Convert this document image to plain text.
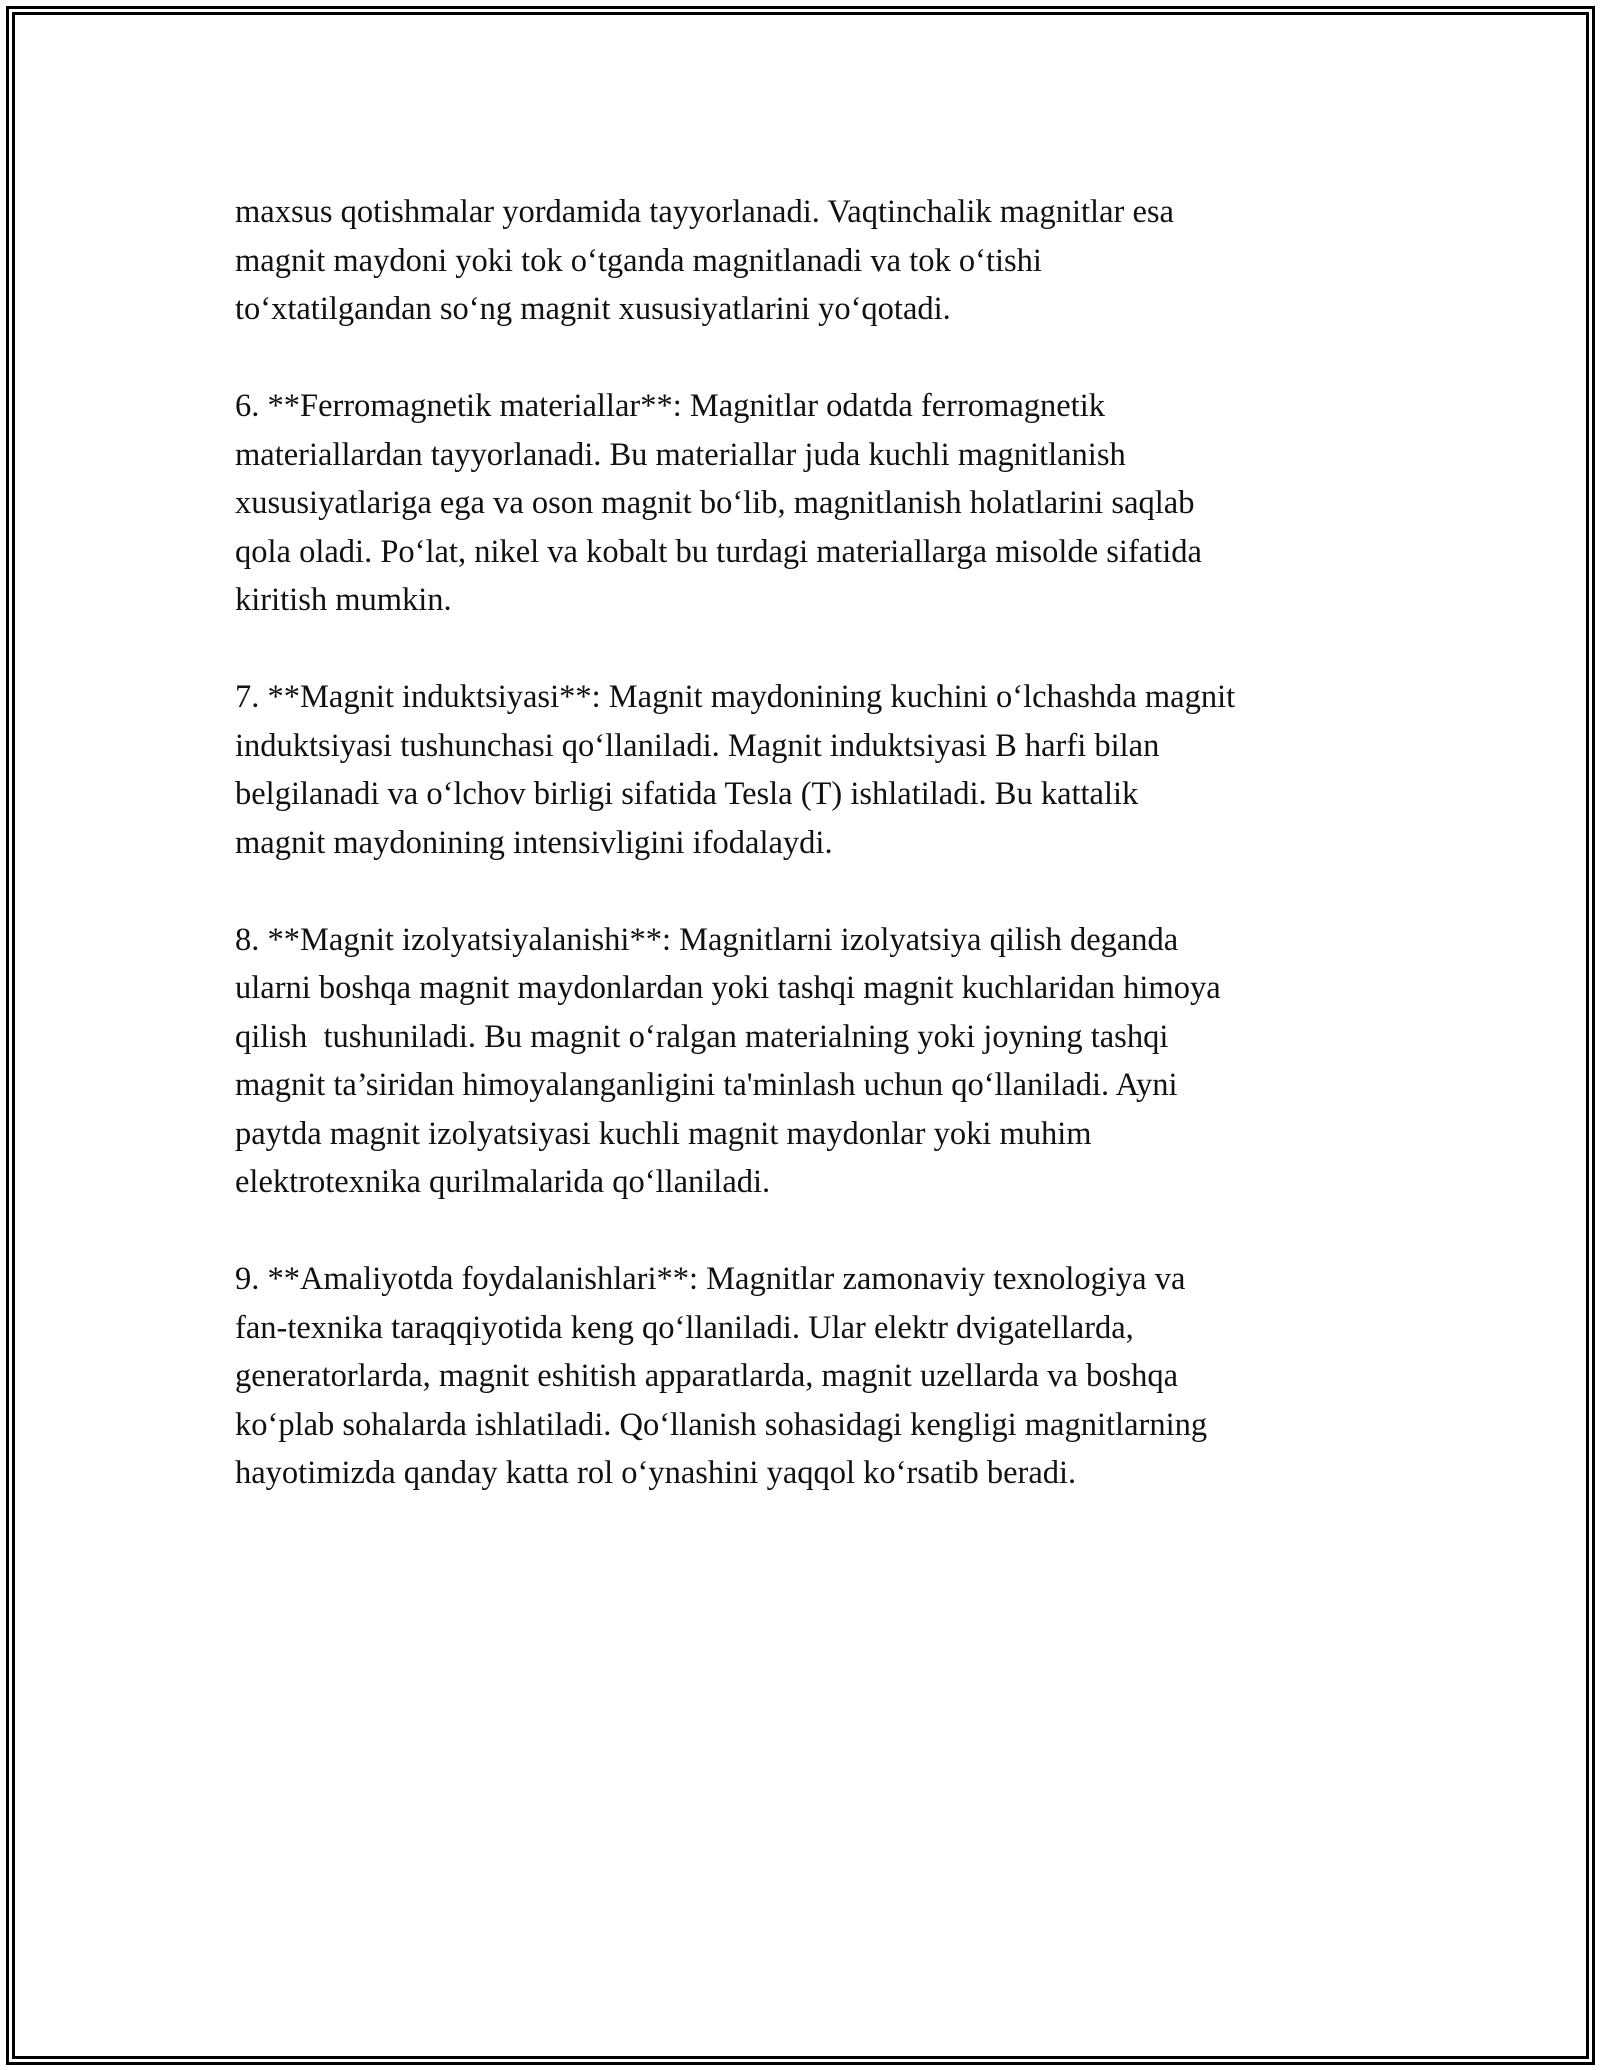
maxsus qotishmalar yordamida tayyorlanadi. Vaqtinchalik magnitlar esa
magnit maydoni yoki tok o‘tganda magnitlanadi va tok o‘tishi
to‘xtatilgandan so‘ng magnit xususiyatlarini yo‘qotadi.

6. **Ferromagnetik materiallar**: Magnitlar odatda ferromagnetik
materiallardan tayyorlanadi. Bu materiallar juda kuchli magnitlanish
xususiyatlariga ega va oson magnit bo‘lib, magnitlanish holatlarini saqlab
qola oladi. Po‘lat, nikel va kobalt bu turdagi materiallarga misolde sifatida
kiritish mumkin.

7. **Magnit induktsiyasi**: Magnit maydonining kuchini o‘lchashda magnit
induktsiyasi tushunchasi qo‘llaniladi. Magnit induktsiyasi B harfi bilan
belgilanadi va o‘lchov birligi sifatida Tesla (T) ishlatiladi. Bu kattalik
magnit maydonining intensivligini ifodalaydi.

8. **Magnit izolyatsiyalanishi**: Magnitlarni izolyatsiya qilish deganda
ularni boshqa magnit maydonlardan yoki tashqi magnit kuchlaridan himoya
qilish  tushuniladi. Bu magnit o‘ralgan materialning yoki joyning tashqi
magnit ta’siridan himoyalanganligini ta'minlash uchun qo‘llaniladi. Ayni
paytda magnit izolyatsiyasi kuchli magnit maydonlar yoki muhim
elektrotexnika qurilmalarida qo‘llaniladi.

9. **Amaliyotda foydalanishlari**: Magnitlar zamonaviy texnologiya va
fan-texnika taraqqiyotida keng qo‘llaniladi. Ular elektr dvigatellarda,
generatorlarda, magnit eshitish apparatlarda, magnit uzellarda va boshqa
ko‘plab sohalarda ishlatiladi. Qo‘llanish sohasidagi kengligi magnitlarning
hayotimizda qanday katta rol o‘ynashini yaqqol ko‘rsatib beradi.
